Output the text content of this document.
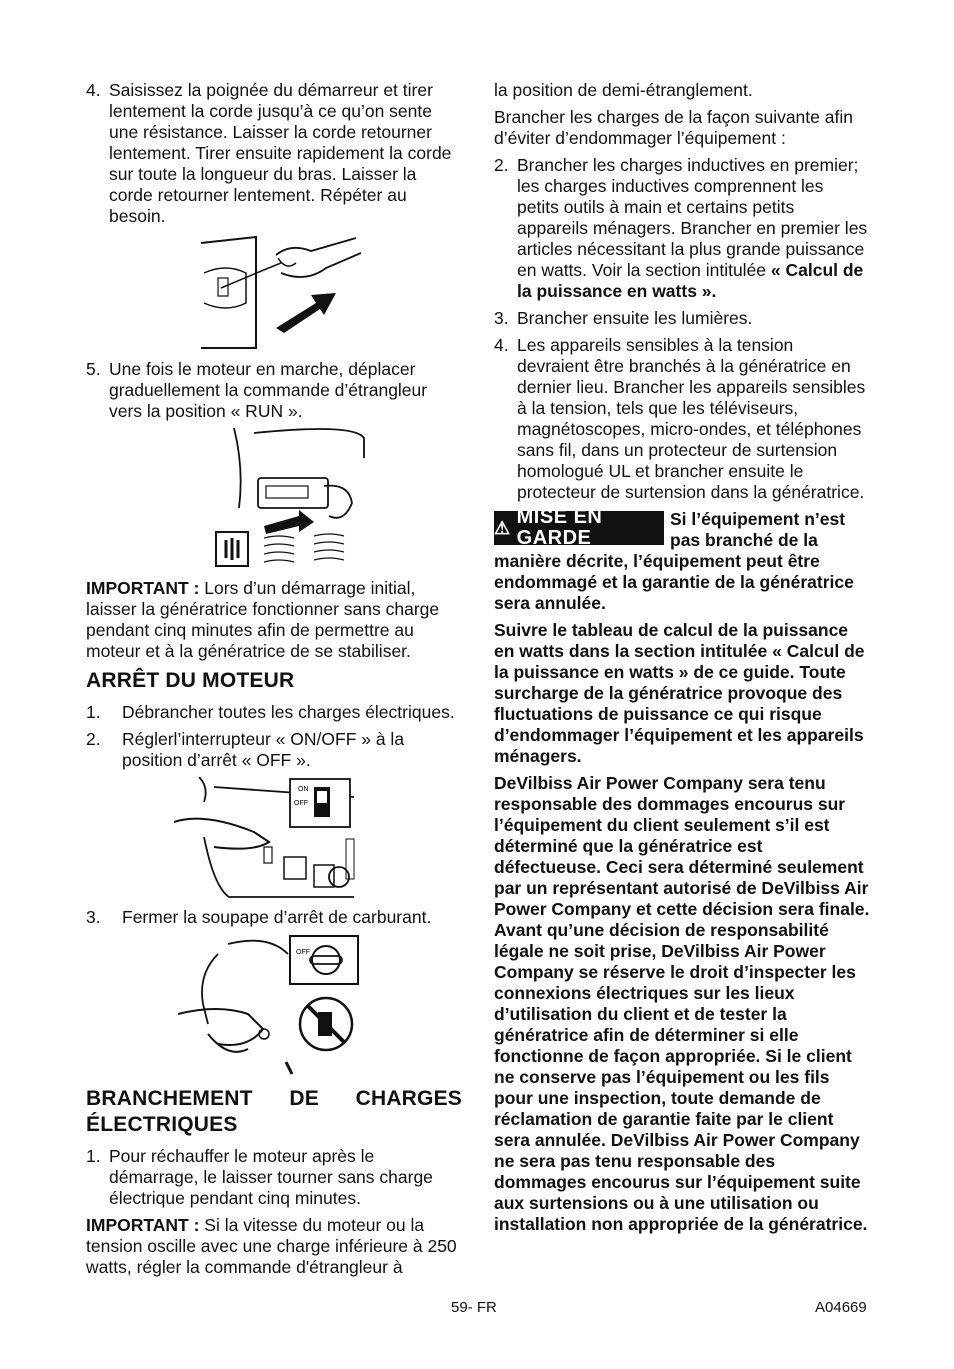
4. Saisissez la poignée du démarreur et tirer lentement la corde jusqu’à ce qu’on sente une résistance. Laisser la corde retourner lentement. Tirer ensuite rapidement la corde sur toute la longueur du bras. Laisser la corde retourner lentement. Répéter au besoin.
5. Une fois le moteur en marche, déplacer graduellement la commande d’étrangleur vers la position « RUN ».

IMPORTANT : Lors d’un démarrage initial, laisser la génératrice fonctionner sans charge pendant cinq minutes afin de permettre au moteur et à la génératrice de se stabiliser.

ARRÊT DU MOTEUR
1.	Débrancher toutes les charges électriques.
2.	Réglerl’interrupteur « ON/OFF » à la position d’arrêt « OFF ».
ON
OFF
3.	Fermer la soupape d’arrêt de carburant.
OFF
BRANCHEMENT DE CHARGES ÉLECTRIQUES
1. Pour réchauffer le moteur après le démarrage, le laisser tourner sans charge électrique pendant cinq minutes.

IMPORTANT : Si la vitesse du moteur ou la tension oscille avec une charge inférieure à 250 watts, régler la commande d'étrangleur à

la position de demi-étranglement.

Brancher les charges de la façon suivante afin d’éviter d’endommager l’équipement :

2. Brancher les charges inductives en premier; les charges inductives comprennent les petits outils à main et certains petits appareils ménagers. Brancher en premier les articles nécessitant la plus grande puissance en watts. Voir la section intitulée « Calcul de la puissance en watts ».
3. Brancher ensuite les lumières.
4. Les appareils sensibles à la tension devraient être branchés à la génératrice en dernier lieu. Brancher les appareils sensibles à la tension, tels que les téléviseurs, magnétoscopes, micro-ondes, et téléphones sans fil, dans un protecteur de surtension homologué UL et brancher ensuite le protecteur de surtension dans la génératrice.

⚠ MISE EN GARDE
Si l’équipement n’est pas branché de la manière décrite, l’équipement peut être endommagé et la garantie de la génératrice sera annulée.

Suivre le tableau de calcul de la puissance en watts dans la section intitulée « Calcul de la puissance en watts » de ce guide. Toute surcharge de la génératrice provoque des fluctuations de puissance ce qui risque d’endommager l’équipement et les appareils ménagers.

DeVilbiss Air Power Company sera tenu responsable des dommages encourus sur l’équipement du client seulement s’il est déterminé que la génératrice est défectueuse. Ceci sera déterminé seulement par un représentant autorisé de DeVilbiss Air Power Company et cette décision sera finale. Avant qu’une décision de responsabilité légale ne soit prise, DeVilbiss Air Power Company se réserve le droit d’inspecter les connexions électriques sur les lieux d’utilisation du client et de tester la génératrice afin de déterminer si elle fonctionne de façon appropriée. Si le client ne conserve pas l’équipement ou les fils pour une inspection, toute demande de réclamation de garantie faite par le client sera annulée. DeVilbiss Air Power Company ne sera pas tenu responsable des dommages encourus sur l’équipement suite aux surtensions ou à une utilisation ou installation non appropriée de la génératrice.

59- FR	A04669
